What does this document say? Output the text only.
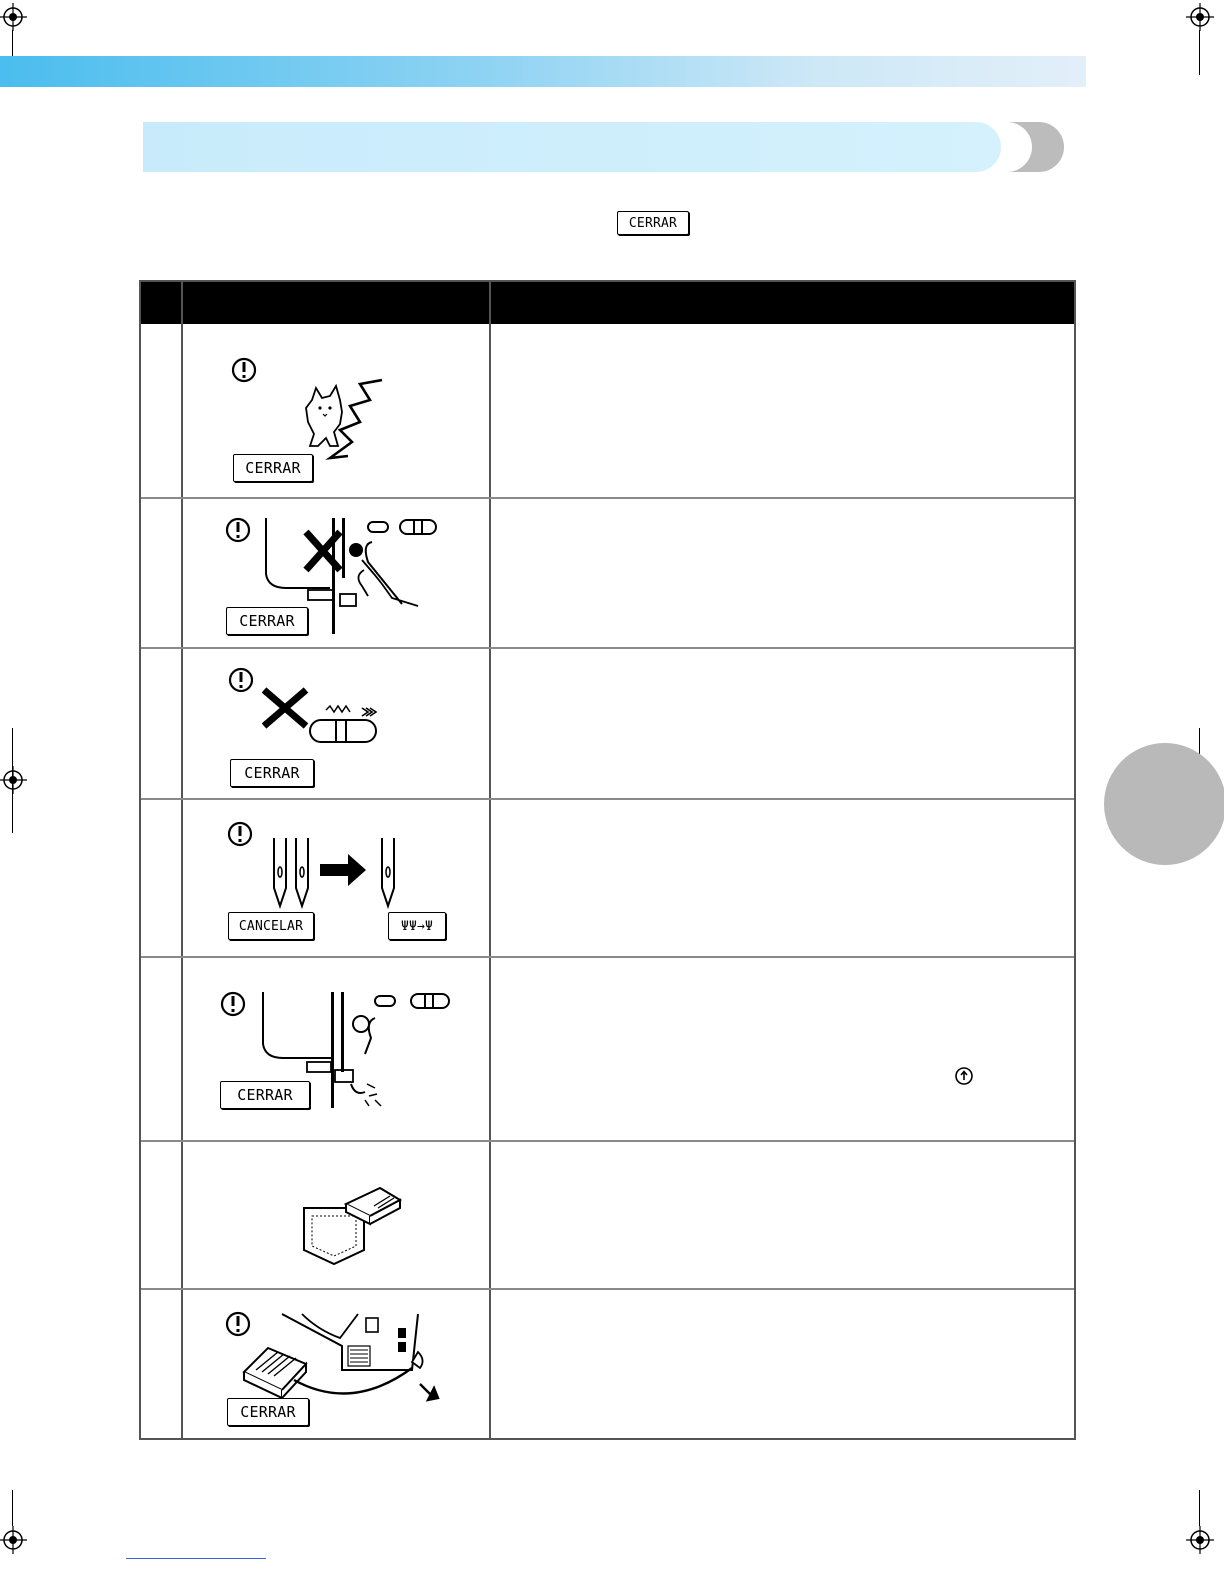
CERRAR
CERRAR
CERRAR
CERRAR
CANCELAR	ΨΨ→Ψ
CERRAR
CERRAR
